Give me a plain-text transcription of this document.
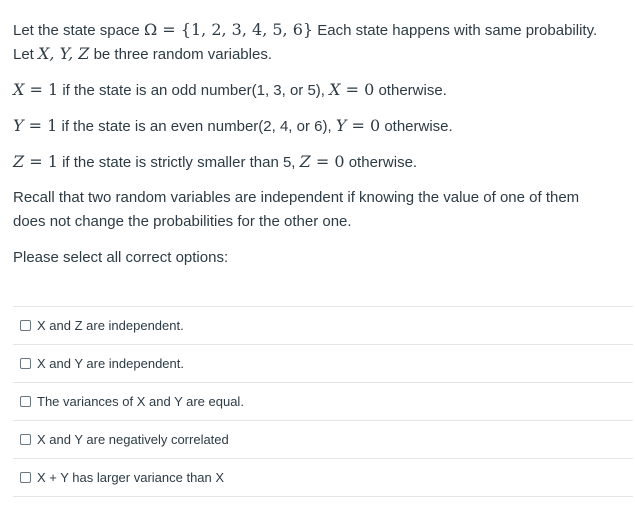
Let the state space Ω = {1, 2, 3, 4, 5, 6} Each state happens with same probability.

Let X, Y, Z be three random variables.

X = 1 if the state is an odd number(1, 3, or 5), X = 0 otherwise.

Y = 1 if the state is an even number(2, 4, or 6), Y = 0 otherwise.

Z = 1 if the state is strictly smaller than 5, Z = 0 otherwise.

Recall that two random variables are independent if knowing the value of one of them

does not change the probabilities for the other one.

Please select all correct options:

X and Z are independent.
X and Y are independent.
The variances of X and Y are equal.
X and Y are negatively correlated
X + Y has larger variance than X
